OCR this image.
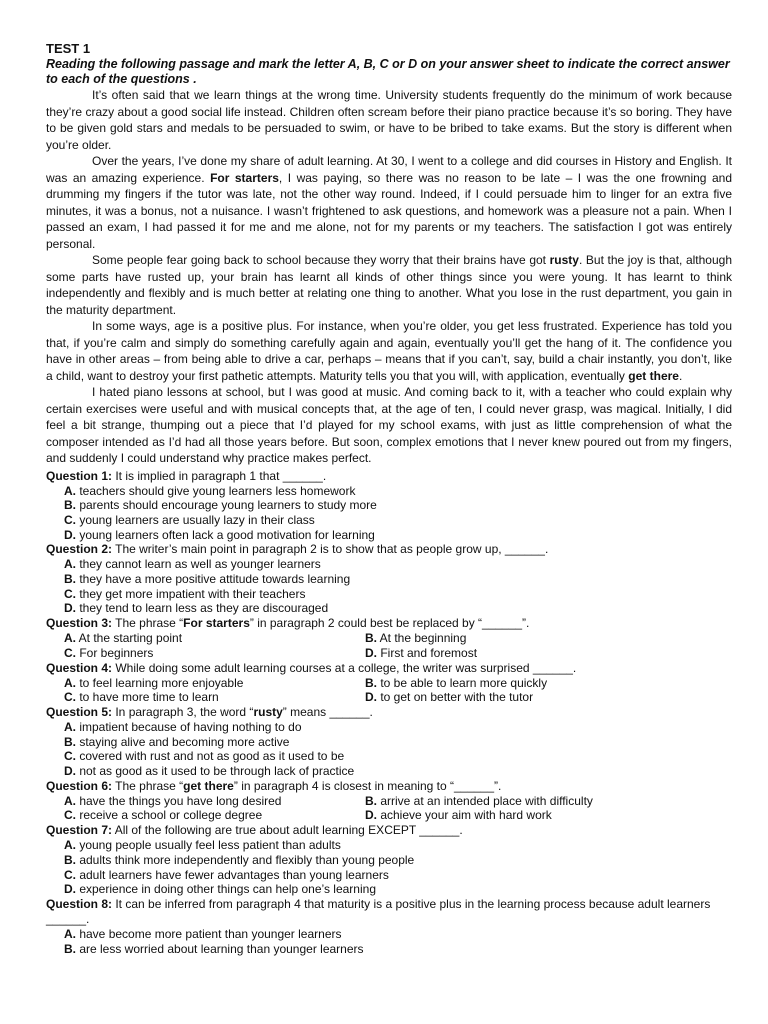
TEST 1
Reading the following passage and mark the letter A, B, C or D on your answer sheet to indicate the correct answer to each of the questions .

It’s often said that we learn things at the wrong time. University students frequently do the minimum of work because they’re crazy about a good social life instead. Children often scream before their piano practice because it’s so boring. They have to be given gold stars and medals to be persuaded to swim, or have to be bribed to take exams. But the story is different when you’re older.

Over the years, I’ve done my share of adult learning. At 30, I went to a college and did courses in History and English. It was an amazing experience. For starters, I was paying, so there was no reason to be late – I was the one frowning and drumming my fingers if the tutor was late, not the other way round. Indeed, if I could persuade him to linger for an extra five minutes, it was a bonus, not a nuisance. I wasn’t frightened to ask questions, and homework was a pleasure not a pain. When I passed an exam, I had passed it for me and me alone, not for my parents or my teachers. The satisfaction I got was entirely personal.

Some people fear going back to school because they worry that their brains have got rusty. But the joy is that, although some parts have rusted up, your brain has learnt all kinds of other things since you were young. It has learnt to think independently and flexibly and is much better at relating one thing to another. What you lose in the rust department, you gain in the maturity department.

In some ways, age is a positive plus. For instance, when you’re older, you get less frustrated. Experience has told you that, if you’re calm and simply do something carefully again and again, eventually you’ll get the hang of it. The confidence you have in other areas – from being able to drive a car, perhaps – means that if you can’t, say, build a chair instantly, you don’t, like a child, want to destroy your first pathetic attempts. Maturity tells you that you will, with application, eventually get there.

I hated piano lessons at school, but I was good at music. And coming back to it, with a teacher who could explain why certain exercises were useful and with musical concepts that, at the age of ten, I could never grasp, was magical. Initially, I did feel a bit strange, thumping out a piece that I’d played for my school exams, with just as little comprehension of what the composer intended as I’d had all those years before. But soon, complex emotions that I never knew poured out from my fingers, and suddenly I could understand why practice makes perfect.

Question 1: It is implied in paragraph 1 that ______.
A. teachers should give young learners less homework
B. parents should encourage young learners to study more
C. young learners are usually lazy in their class
D. young learners often lack a good motivation for learning
Question 2: The writer’s main point in paragraph 2 is to show that as people grow up, ______.
A. they cannot learn as well as younger learners
B. they have a more positive attitude towards learning
C. they get more impatient with their teachers
D. they tend to learn less as they are discouraged
Question 3: The phrase “For starters” in paragraph 2 could best be replaced by “______”.
A. At the starting point	B. At the beginning
C. For beginners	D. First and foremost
Question 4: While doing some adult learning courses at a college, the writer was surprised ______.
A. to feel learning more enjoyable	B. to be able to learn more quickly
C. to have more time to learn	D. to get on better with the tutor
Question 5: In paragraph 3, the word “rusty” means ______.
A. impatient because of having nothing to do
B. staying alive and becoming more active
C. covered with rust and not as good as it used to be
D. not as good as it used to be through lack of practice
Question 6: The phrase “get there” in paragraph 4 is closest in meaning to “______”.
A. have the things you have long desired	B. arrive at an intended place with difficulty
C. receive a school or college degree	D. achieve your aim with hard work
Question 7: All of the following are true about adult learning EXCEPT ______.
A. young people usually feel less patient than adults
B. adults think more independently and flexibly than young people
C. adult learners have fewer advantages than young learners
D. experience in doing other things can help one’s learning
Question 8: It can be inferred from paragraph 4 that maturity is a positive plus in the learning process because adult learners ______.
A. have become more patient than younger learners
B. are less worried about learning than younger learners
